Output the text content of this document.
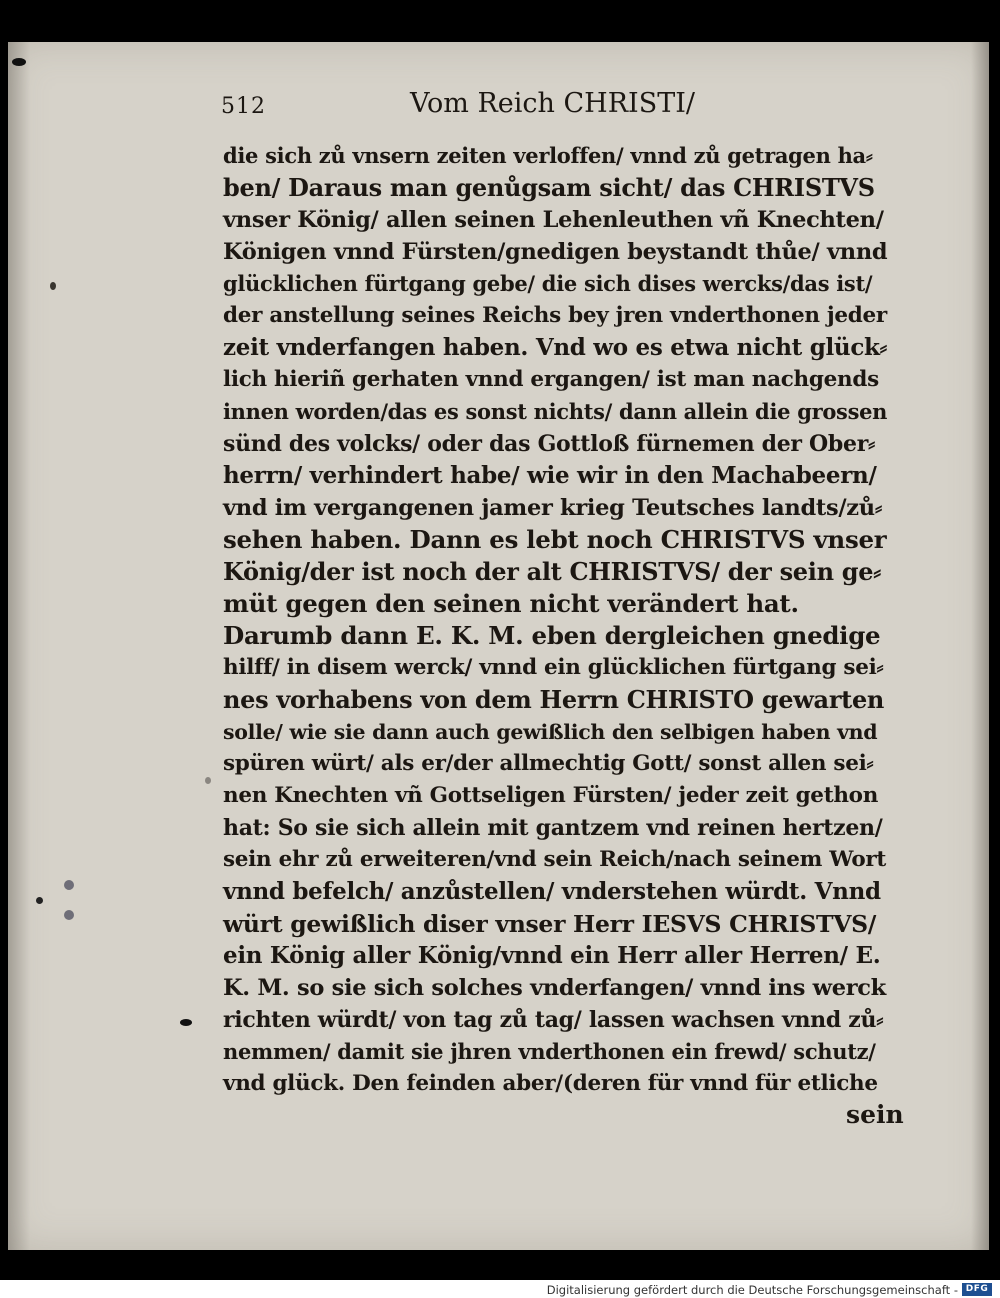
512	Vom Reich CHRISTI/
die sich zů vnsern zeiten verloffen/ vnnd zů getragen ha⸗
ben/ Daraus man genůgsam sicht/ das CHRISTVS
vnser König/ allen seinen Lehenleuthen vñ Knechten/
Königen vnnd Fürsten/gnedigen beystandt thůe/ vnnd
glücklichen fürtgang gebe/ die sich dises wercks/das ist/
der anstellung seines Reichs bey jren vnderthonen jeder
zeit vnderfangen haben. Vnd wo es etwa nicht glück⸗
lich hieriñ gerhaten vnnd ergangen/ ist man nachgends
innen worden/das es sonst nichts/ dann allein die grossen
sünd des volcks/ oder das Gottloß fürnemen der Ober⸗
herrn/ verhindert habe/ wie wir in den Machabeern/
vnd im vergangenen jamer krieg Teutsches landts/zů⸗
sehen haben. Dann es lebt noch CHRISTVS vnser
König/der ist noch der alt CHRISTVS/ der sein ge⸗
müt gegen den seinen nicht verändert hat.
Darumb dann E. K. M. eben dergleichen gnedige
hilff/ in disem werck/ vnnd ein glücklichen fürtgang sei⸗
nes vorhabens von dem Herrn CHRISTO gewarten
solle/ wie sie dann auch gewißlich den selbigen haben vnd
spüren würt/ als er/der allmechtig Gott/ sonst allen sei⸗
nen Knechten vñ Gottseligen Fürsten/ jeder zeit gethon
hat: So sie sich allein mit gantzem vnd reinen hertzen/
sein ehr zů erweiteren/vnd sein Reich/nach seinem Wort
vnnd befelch/ anzůstellen/ vnderstehen würdt. Vnnd
würt gewißlich diser vnser Herr IESVS CHRISTVS/
ein König aller König/vnnd ein Herr aller Herren/ E.
K. M. so sie sich solches vnderfangen/ vnnd ins werck
richten würdt/ von tag zů tag/ lassen wachsen vnnd zů⸗
nemmen/ damit sie jhren vnderthonen ein frewd/ schutz/
vnd glück. Den feinden aber/(deren für vnnd für etliche
sein
Digitalisierung gefördert durch die Deutsche Forschungsgemeinschaft - DFG
